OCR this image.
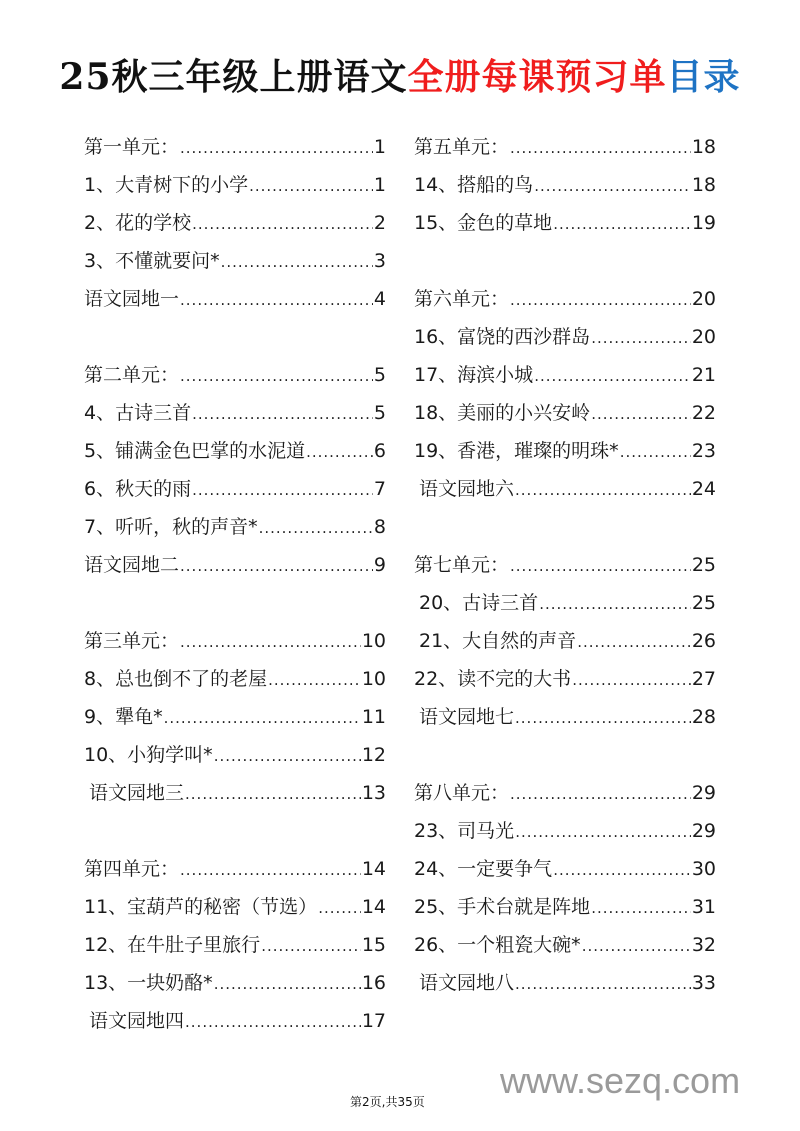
25秋三年级上册语文全册每课预习单目录
第一单元： .....	1
1、大青树下的小学 .....	1
2、花的学校 .....	2
3、不懂就要问* .....	3
语文园地一 .....	4
第二单元： .....	5
4、古诗三首 .....	5
5、铺满金色巴掌的水泥道 .....	6
6、秋天的雨 .....	7
7、听听，秋的声音* .....	8
语文园地二 .....	9
第三单元： .....	10
8、总也倒不了的老屋 .....	10
9、犟龟* .....	11
10、小狗学叫* .....	12
语文园地三 .....	13
第四单元： .....	14
11、宝葫芦的秘密（节选） ..... 14
12、在牛肚子里旅行 .....	15
13、一块奶酪* .....	16
语文园地四 .....	17
第五单元： .....	18
14、搭船的鸟 .....	18
15、金色的草地 .....	19
第六单元： .....	20
16、富饶的西沙群岛 .....	20
17、海滨小城 .....	21
18、美丽的小兴安岭 .....	22
19、香港，璀璨的明珠* .....	23
语文园地六 .....	24
第七单元： .....	25
20、古诗三首 .....	25
21、大自然的声音 .....	26
22、读不完的大书 .....	27
语文园地七 .....	28
第八单元： .....	29
23、司马光 .....	29
24、一定要争气 .....	30
25、手术台就是阵地 .....	31
26、一个粗瓷大碗* .....	32
语文园地八 .....	33
www.sezq.com
第2页,共35页
